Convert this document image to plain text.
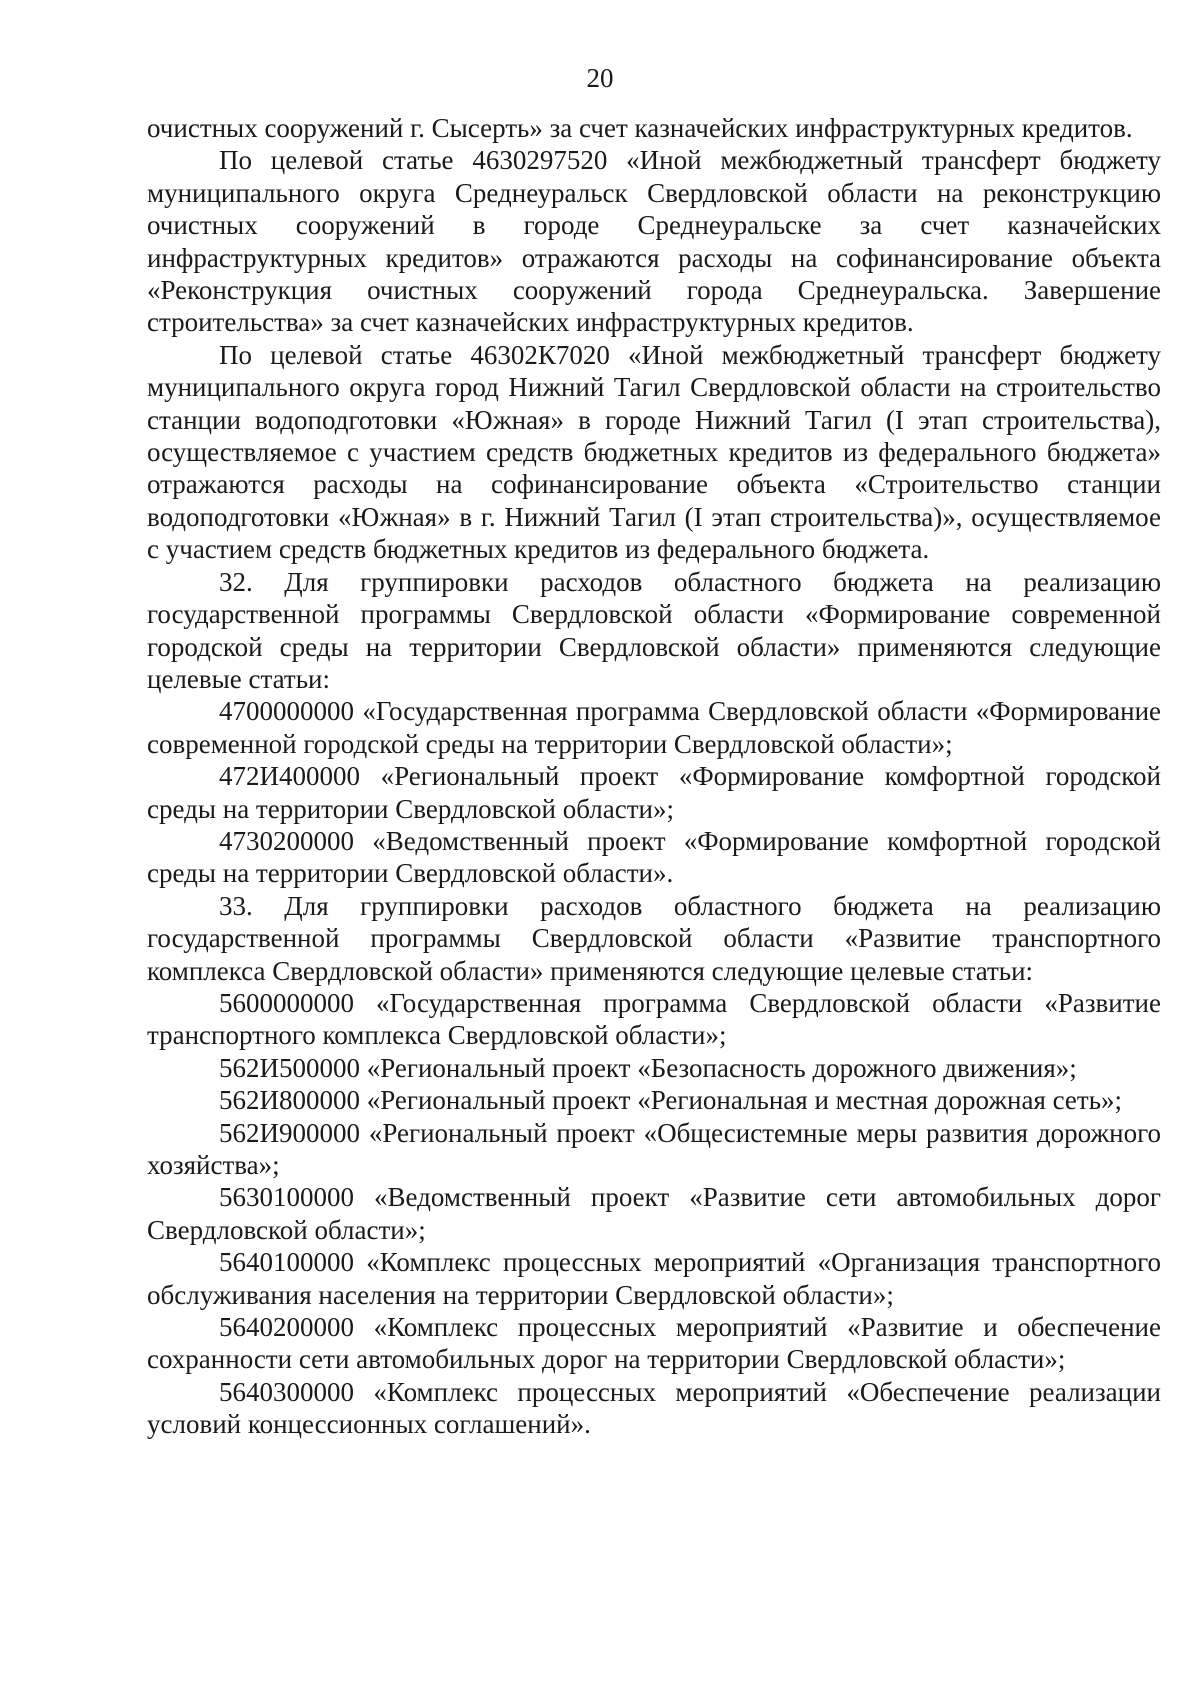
20

очистных сооружений г. Сысерть» за счет казначейских инфраструктурных кредитов.

По целевой статье 4630297520 «Иной межбюджетный трансферт бюджету муниципального округа Среднеуральск Свердловской области на реконструкцию очистных сооружений в городе Среднеуральске за счет казначейских инфраструктурных кредитов» отражаются расходы на софинансирование объекта «Реконструкция очистных сооружений города Среднеуральска. Завершение строительства» за счет казначейских инфраструктурных кредитов.

По целевой статье 46302К7020 «Иной межбюджетный трансферт бюджету муниципального округа город Нижний Тагил Свердловской области на строительство станции водоподготовки «Южная» в городе Нижний Тагил (I этап строительства), осуществляемое с участием средств бюджетных кредитов из федерального бюджета» отражаются расходы на софинансирование объекта «Строительство станции водоподготовки «Южная» в г. Нижний Тагил (I этап строительства)», осуществляемое с участием средств бюджетных кредитов из федерального бюджета.

32. Для группировки расходов областного бюджета на реализацию государственной программы Свердловской области «Формирование современной городской среды на территории Свердловской области» применяются следующие целевые статьи:

4700000000 «Государственная программа Свердловской области «Формирование современной городской среды на территории Свердловской области»;

472И400000 «Региональный проект «Формирование комфортной городской среды на территории Свердловской области»;

4730200000 «Ведомственный проект «Формирование комфортной городской среды на территории Свердловской области».

33. Для группировки расходов областного бюджета на реализацию государственной программы Свердловской области «Развитие транспортного комплекса Свердловской области» применяются следующие целевые статьи:

5600000000 «Государственная программа Свердловской области «Развитие транспортного комплекса Свердловской области»;

562И500000 «Региональный проект «Безопасность дорожного движения»;

562И800000 «Региональный проект «Региональная и местная дорожная сеть»;

562И900000 «Региональный проект «Общесистемные меры развития дорожного хозяйства»;

5630100000 «Ведомственный проект «Развитие сети автомобильных дорог Свердловской области»;

5640100000 «Комплекс процессных мероприятий «Организация транспортного обслуживания населения на территории Свердловской области»;

5640200000 «Комплекс процессных мероприятий «Развитие и обеспечение сохранности сети автомобильных дорог на территории Свердловской области»;

5640300000 «Комплекс процессных мероприятий «Обеспечение реализации условий концессионных соглашений».
